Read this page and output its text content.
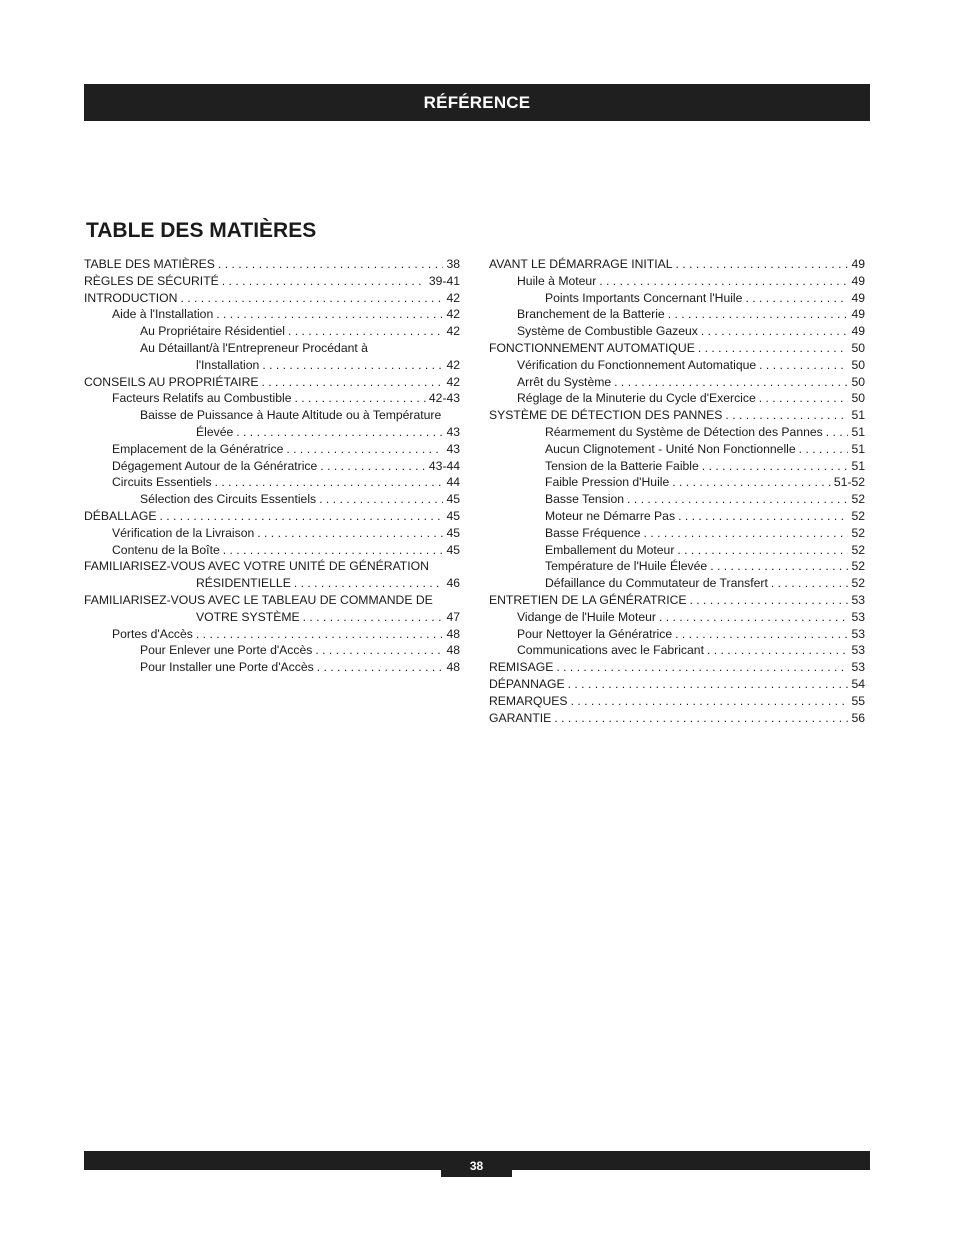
RÉFÉRENCE
TABLE DES MATIÈRES
TABLE DES MATIÈRES . . .	38
RÈGLES DE SÉCURITÉ . . .	39-41
INTRODUCTION . . .	42
Aide à l'Installation . . .	42
Au Propriétaire Résidentiel . . .	42
Au Détaillant/à l'Entrepreneur Procédant à
l'Installation . . .	42
CONSEILS AU PROPRIÉTAIRE . . .	42
Facteurs Relatifs au Combustible . . .	42-43
Baisse de Puissance à Haute Altitude ou à Température
Élevée . . .	43
Emplacement de la Génératrice . . .	43
Dégagement Autour de la Génératrice . . .	43-44
Circuits Essentiels . . .	44
Sélection des Circuits Essentiels . . .	45
DÉBALLAGE . . .	45
Vérification de la Livraison . . .	45
Contenu de la Boîte . . .	45
FAMILIARISEZ-VOUS AVEC VOTRE UNITÉ DE GÉNÉRATION
RÉSIDENTIELLE . . .	46
FAMILIARISEZ-VOUS AVEC LE TABLEAU DE COMMANDE DE
VOTRE SYSTÈME . . .	47
Portes d'Accès . . .	48
Pour Enlever une Porte d'Accès . . .	48
Pour Installer une Porte d'Accès . . .	48
AVANT LE DÉMARRAGE INITIAL . . .	49
Huile à Moteur . . .	49
Points Importants Concernant l'Huile . . .	49
Branchement de la Batterie . . .	49
Système de Combustible Gazeux . . .	49
FONCTIONNEMENT AUTOMATIQUE . . .	50
Vérification du Fonctionnement Automatique . . .	50
Arrêt du Système . . .	50
Réglage de la Minuterie du Cycle d'Exercice . . .	50
SYSTÈME DE DÉTECTION DES PANNES . . .	51
Réarmement du Système de Détection des Pannes . . . 51
Aucun Clignotement - Unité Non Fonctionnelle . . .	51
Tension de la Batterie Faible . . .	51
Faible Pression d'Huile . . .	51-52
Basse Tension . . .	52
Moteur ne Démarre Pas . . .	52
Basse Fréquence . . .	52
Emballement du Moteur . . .	52
Température de l'Huile Élevée . . .	52
Défaillance du Commutateur de Transfert . . .	52
ENTRETIEN DE LA GÉNÉRATRICE . . .	53
Vidange de l'Huile Moteur . . .	53
Pour Nettoyer la Génératrice . . .	53
Communications avec le Fabricant . . .	53
REMISAGE . . .	53
DÉPANNAGE . . .	54
REMARQUES . . .	55
GARANTIE . . .	56
38
